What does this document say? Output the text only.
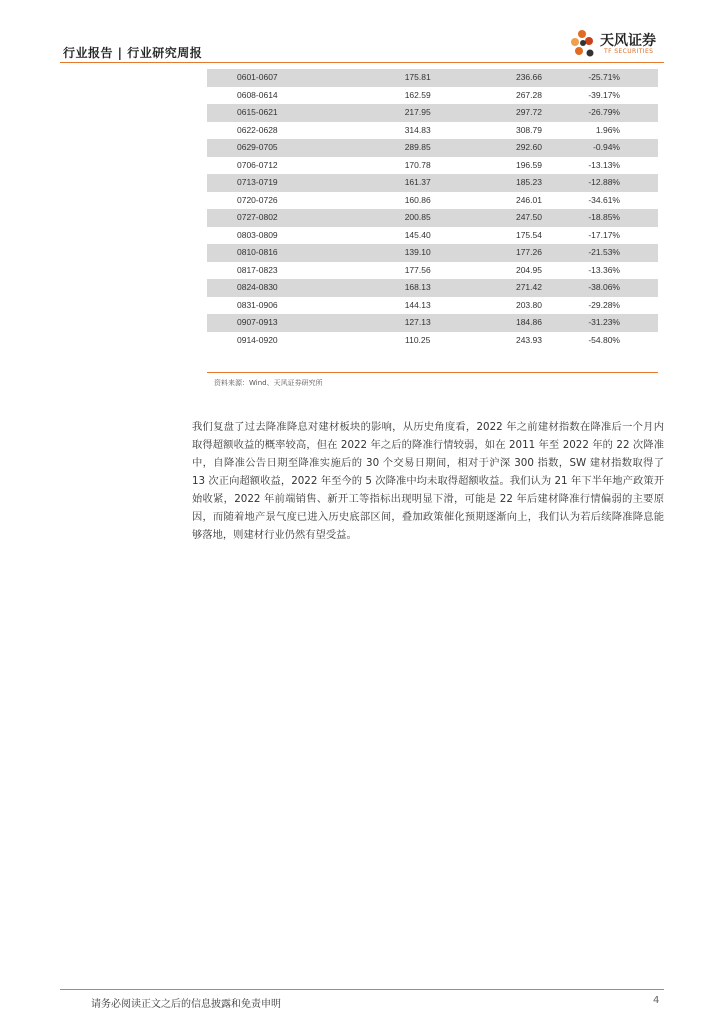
行业报告 | 行业研究周报
天风证券
TF SECURITIES
0601-0607	175.81	236.66	-25.71%
0608-0614	162.59	267.28	-39.17%
0615-0621	217.95	297.72	-26.79%
0622-0628	314.83	308.79	1.96%
0629-0705	289.85	292.60	-0.94%
0706-0712	170.78	196.59	-13.13%
0713-0719	161.37	185.23	-12.88%
0720-0726	160.86	246.01	-34.61%
0727-0802	200.85	247.50	-18.85%
0803-0809	145.40	175.54	-17.17%
0810-0816	139.10	177.26	-21.53%
0817-0823	177.56	204.95	-13.36%
0824-0830	168.13	271.42	-38.06%
0831-0906	144.13	203.80	-29.28%
0907-0913	127.13	184.86	-31.23%
0914-0920	110.25	243.93	-54.80%
资料来源：Wind、天风证券研究所

我们复盘了过去降准降息对建材板块的影响，从历史角度看，2022 年之前建材指数在降准后一个月内取得超额收益的概率较高，但在 2022 年之后的降准行情较弱，如在 2011 年至 2022 年的 22 次降准中，自降准公告日期至降准实施后的 30 个交易日期间，相对于沪深 300 指数，SW 建材指数取得了 13 次正向超额收益，2022 年至今的 5 次降准中均未取得超额收益。我们认为 21 年下半年地产政策开始收紧，2022 年前端销售、新开工等指标出现明显下滑，可能是 22 年后建材降准行情偏弱的主要原因，而随着地产景气度已进入历史底部区间，叠加政策催化预期逐渐向上，我们认为若后续降准降息能够落地，则建材行业仍然有望受益。

请务必阅读正文之后的信息披露和免责申明	4
